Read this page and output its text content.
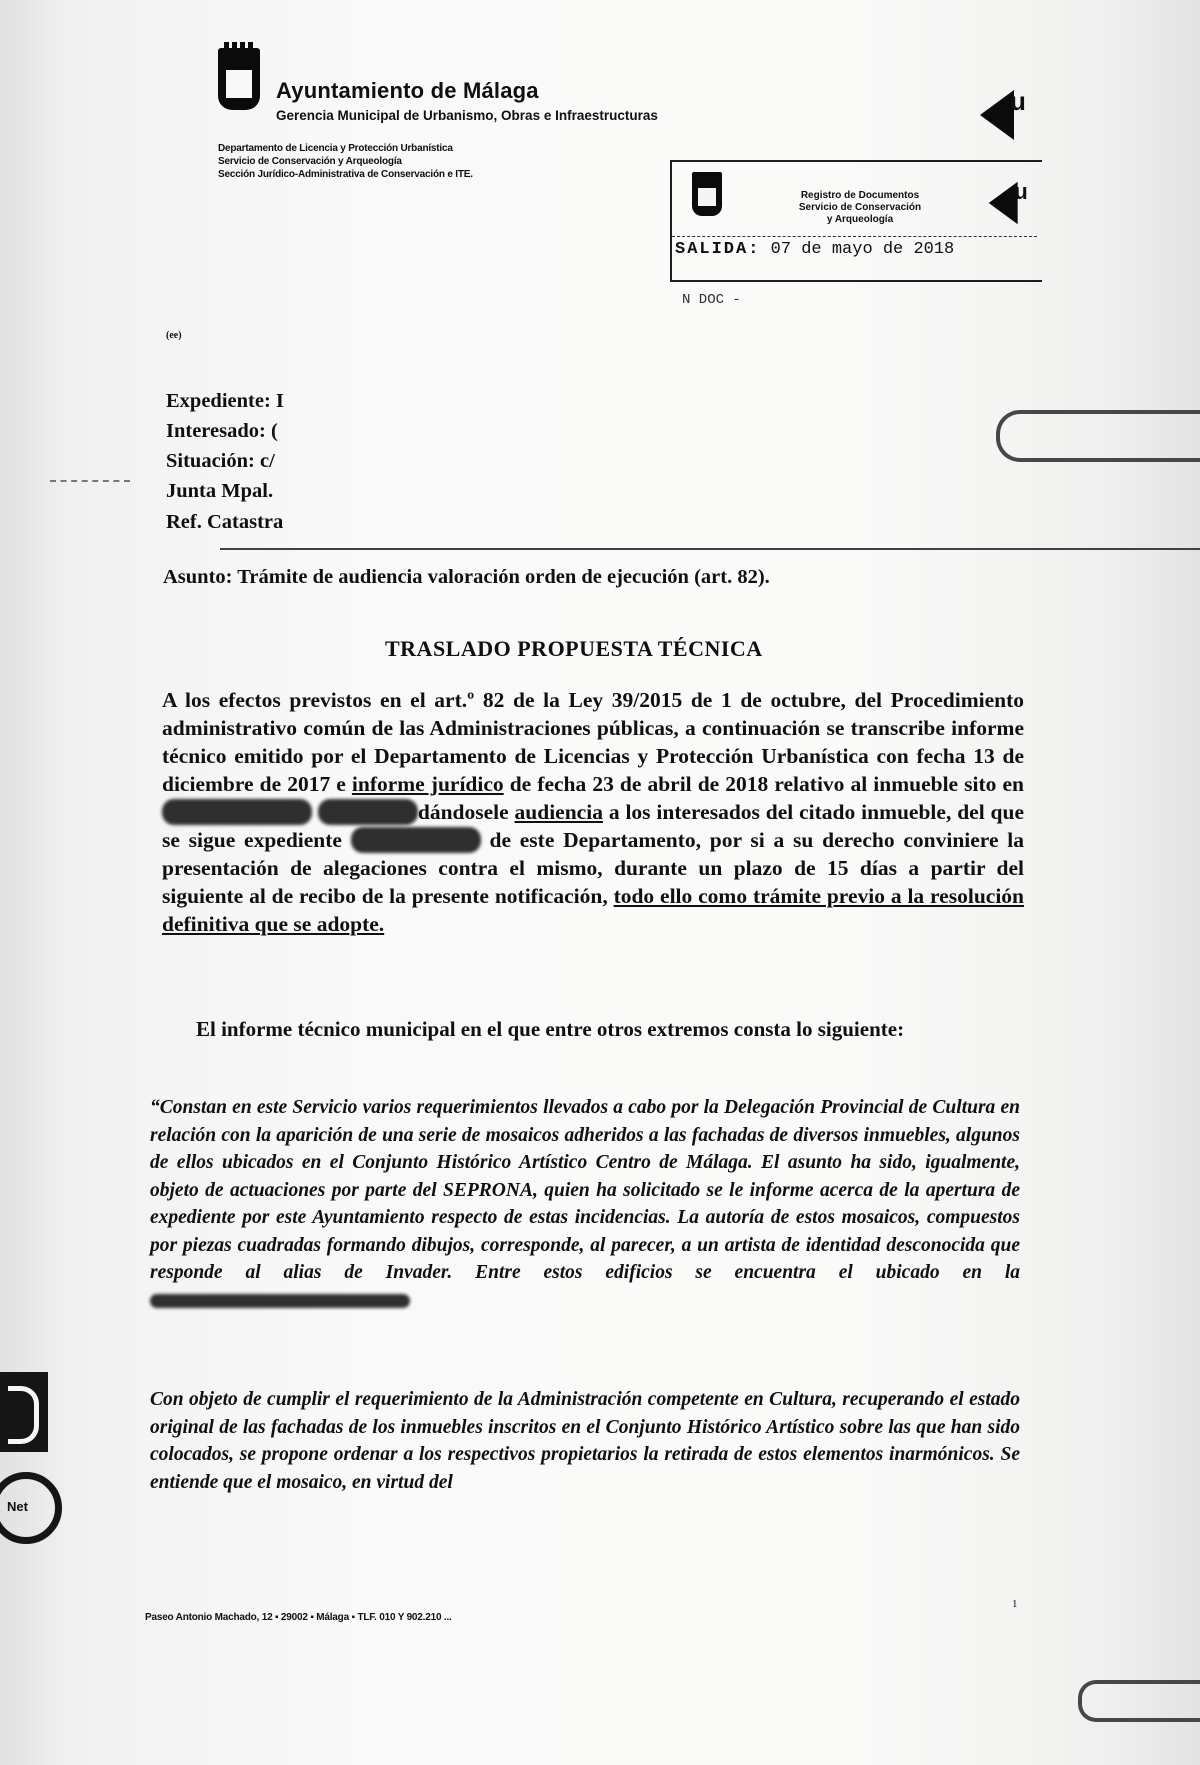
Ayuntamiento de Málaga
Gerencia Municipal de Urbanismo, Obras e Infraestructuras
Departamento de Licencia y Protección Urbanística
Servicio de Conservación y Arqueología
Sección Jurídico-Administrativa de Conservación e ITE.
u
Registro de Documentos
Servicio de Conservación
y Arqueología
u
SALIDA: 07 de mayo de 2018
N DOC -
(ee)
Expediente: I
Interesado: (
Situación: c/
Junta Mpal.
Ref. Catastra
Asunto: Trámite de audiencia valoración orden de ejecución (art. 82).
TRASLADO PROPUESTA TÉCNICA

A los efectos previstos en el art.º 82 de la Ley 39/2015 de 1 de octubre, del Procedimiento administrativo común de las Administraciones públicas, a continuación se transcribe informe técnico emitido por el Departamento de Licencias y Protección Urbanística con fecha 13 de diciembre de 2017 e informe jurídico de fecha 23 de abril de 2018 relativo al inmueble sito en  dándosele audiencia a los interesados del citado inmueble, del que se sigue expediente	de este Departamento, por si a su derecho conviniere la presentación de alegaciones contra el mismo, durante un plazo de 15 días a partir del siguiente al de recibo de la presente notificación, todo ello como trámite previo a la resolución definitiva que se adopte.

El informe técnico municipal en el que entre otros extremos consta lo siguiente:
“Constan en este Servicio varios requerimientos llevados a cabo por la Delegación Provincial de Cultura en relación con la aparición de una serie de mosaicos adheridos a las fachadas de diversos inmuebles, algunos de ellos ubicados en el Conjunto Histórico Artístico Centro de Málaga. El asunto ha sido, igualmente, objeto de actuaciones por parte del SEPRONA, quien ha solicitado se le informe acerca de la apertura de expediente por este Ayuntamiento respecto de estas incidencias. La autoría de estos mosaicos, compuestos por piezas cuadradas formando dibujos, corresponde, al parecer, a un artista de identidad desconocida que responde al alias de Invader. Entre estos edificios se encuentra el ubicado en la
Con objeto de cumplir el requerimiento de la Administración competente en Cultura, recuperando el estado original de las fachadas de los inmuebles inscritos en el Conjunto Histórico Artístico sobre las que han sido colocados, se propone ordenar a los respectivos propietarios la retirada de estos elementos inarmónicos. Se entiende que el mosaico, en virtud del
1
Paseo Antonio Machado, 12 ▪ 29002 ▪ Málaga ▪ TLF. 010 Y 902.210 ...
Net
